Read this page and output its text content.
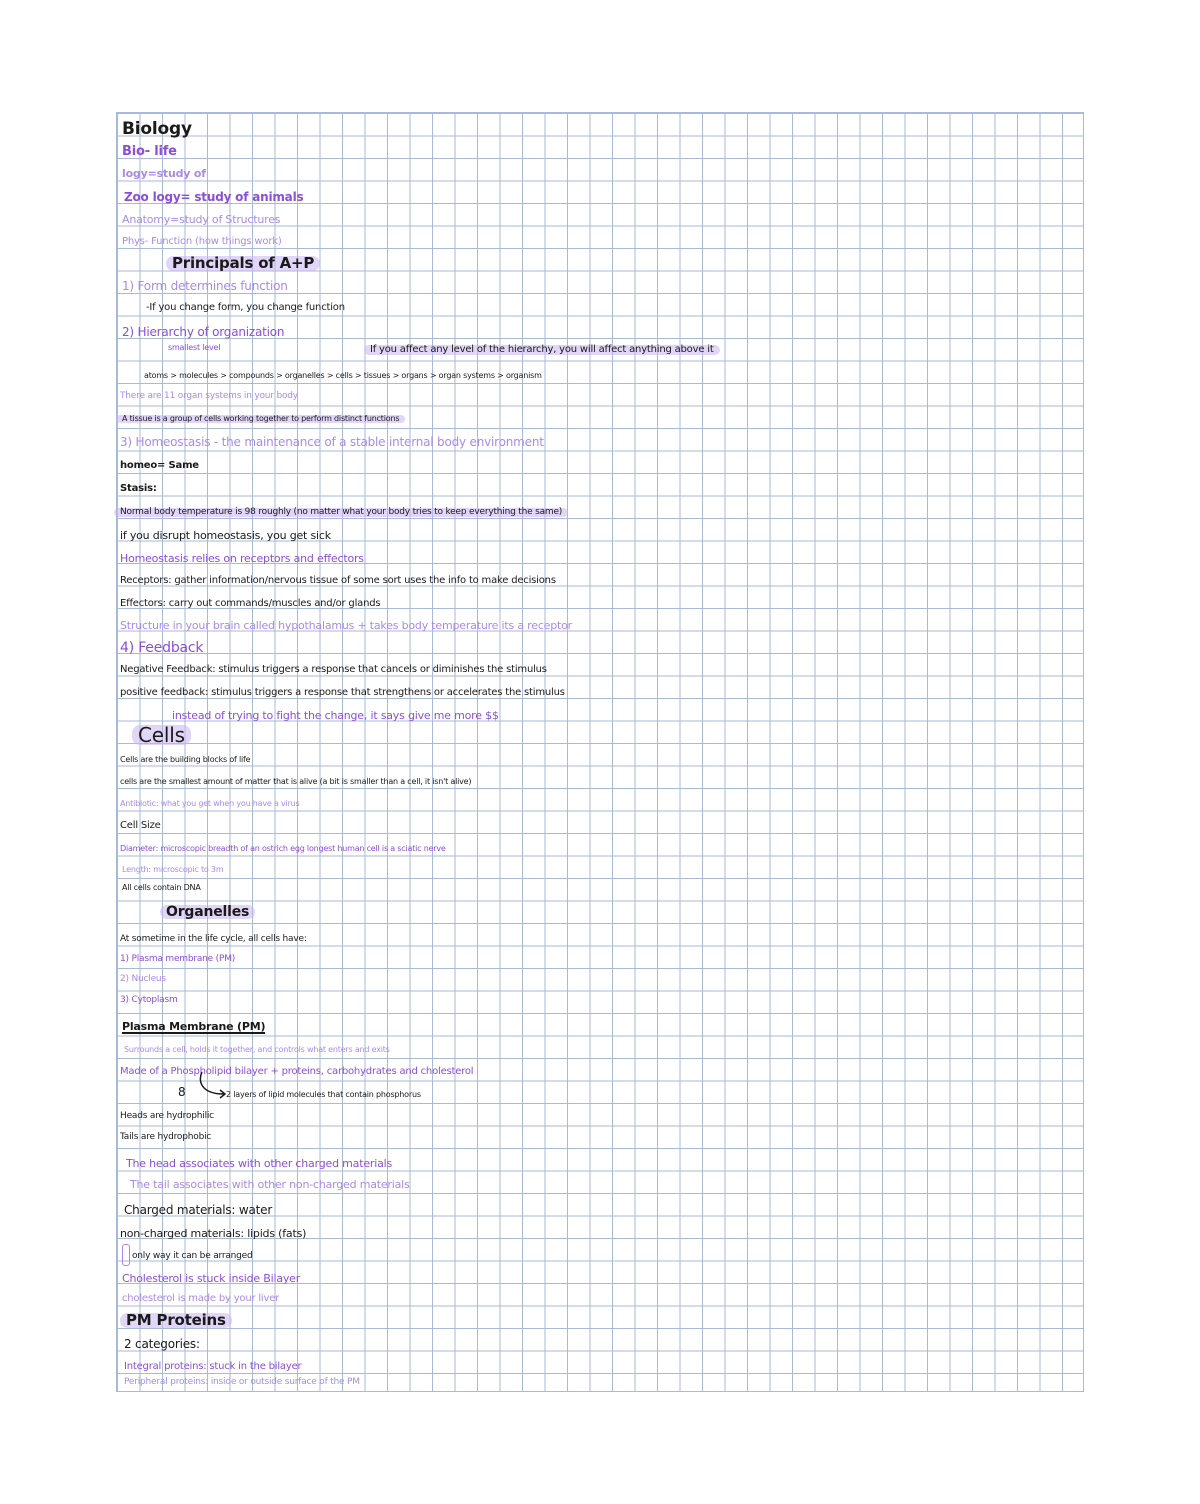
Biology
Bio- life
logy=study of
Zoo logy= study of animals
Anatomy=study of Structures
Phys- Function (how things work)
Principals of A+P
1) Form determines function
-If you change form, you change function
2) Hierarchy of organization
smallest level	If you affect any level of the hierarchy, you will affect anything above it
atoms > molecules > compounds > organelles > cells > tissues > organs > organ systems > organism
There are 11 organ systems in your body
A tissue is a group of cells working together to perform distinct functions
3) Homeostasis - the maintenance of a stable internal body environment
homeo= Same
Stasis:
Normal body temperature is 98 roughly (no matter what your body tries to keep everything the same)
if you disrupt homeostasis, you get sick
Homeostasis relies on receptors and effectors
Receptors: gather information/nervous tissue of some sort uses the info to make decisions
Effectors: carry out commands/muscles and/or glands
Structure in your brain called hypothalamus + takes body temperature its a receptor
4) Feedback
Negative Feedback: stimulus triggers a response that cancels or diminishes the stimulus
positive feedback: stimulus triggers a response that strengthens or accelerates the stimulus
instead of trying to fight the change, it says give me more $$
Cells
Cells are the building blocks of life
cells are the smallest amount of matter that is alive (a bit is smaller than a cell, it isn't alive)
Antibiotic: what you get when you have a virus
Cell Size
Diameter: microscopic breadth of an ostrich egg longest human cell is a sciatic nerve
Length: microscopic to 3m
All cells contain DNA
Organelles
At sometime in the life cycle, all cells have:
1) Plasma membrane (PM)
2) Nucleus
3) Cytoplasm
Plasma Membrane (PM)
Surrounds a cell, holds it together, and controls what enters and exits
Made of a Phospholipid bilayer + proteins, carbohydrates and cholesterol
8	2 layers of lipid molecules that contain phosphorus
Heads are hydrophilic
Tails are hydrophobic
The head associates with other charged materials
The tail associates with other non-charged materials
Charged materials: water
non-charged materials: lipids (fats)
only way it can be arranged
Cholesterol is stuck inside Bilayer
cholesterol is made by your liver
PM Proteins
2 categories:
Integral proteins: stuck in the bilayer
Peripheral proteins: inside or outside surface of the PM
